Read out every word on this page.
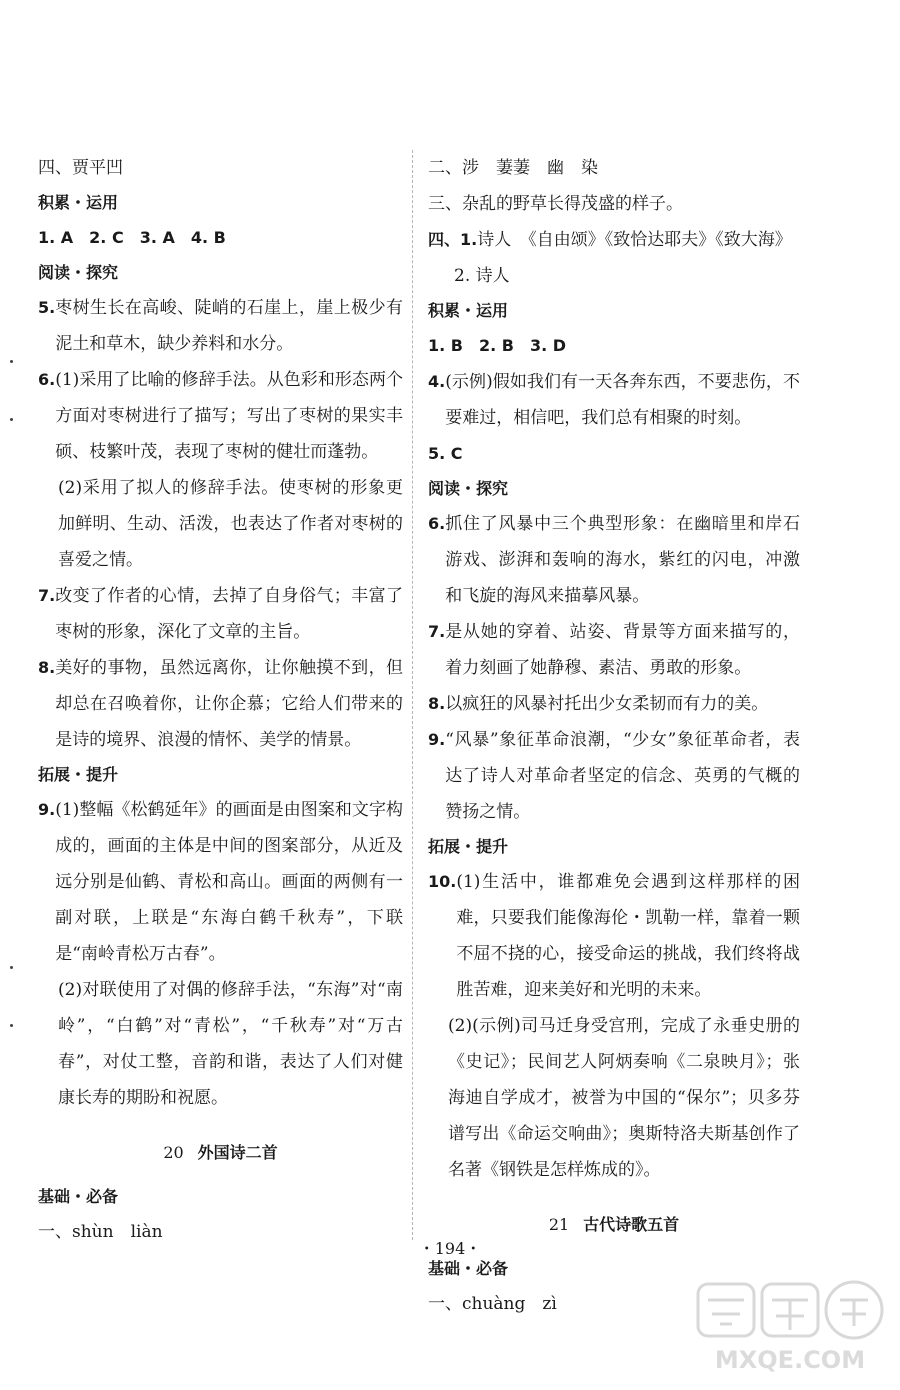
四、贾平凹
积累・运用
1. A　2. C　3. A　4. B
阅读・探究
5. 枣树生长在高峻、陡峭的石崖上，崖上极少有泥土和草木，缺少养料和水分。
6. (1)采用了比喻的修辞手法。从色彩和形态两个方面对枣树进行了描写；写出了枣树的果实丰硕、枝繁叶茂，表现了枣树的健壮而蓬勃。
(2)采用了拟人的修辞手法。使枣树的形象更加鲜明、生动、活泼，也表达了作者对枣树的喜爱之情。
7. 改变了作者的心情，去掉了自身俗气；丰富了枣树的形象，深化了文章的主旨。
8. 美好的事物，虽然远离你，让你触摸不到，但却总在召唤着你，让你企慕；它给人们带来的是诗的境界、浪漫的情怀、美学的情景。
拓展・提升
9. (1)整幅《松鹤延年》的画面是由图案和文字构成的，画面的主体是中间的图案部分，从近及远分别是仙鹤、青松和高山。画面的两侧有一副对联，上联是“东海白鹤千秋寿”，下联是“南岭青松万古春”。
(2)对联使用了对偶的修辞手法，“东海”对“南岭”，“白鹤”对“青松”，“千秋寿”对“万古春”，对仗工整，音韵和谐，表达了人们对健康长寿的期盼和祝愿。
20 外国诗二首
基础・必备
一、shùn　liàn
二、涉　萋萋　幽　染
三、杂乱的野草长得茂盛的样子。
四、1. 诗人　《自由颂》《致恰达耶夫》《致大海》
2. 诗人
积累・运用
1. B　2. B　3. D
4. (示例)假如我们有一天各奔东西，不要悲伤，不要难过，相信吧，我们总有相聚的时刻。
5. C
阅读・探究
6. 抓住了风暴中三个典型形象：在幽暗里和岸石游戏、澎湃和轰响的海水，紫红的闪电，冲激和飞旋的海风来描摹风暴。
7. 是从她的穿着、站姿、背景等方面来描写的，着力刻画了她静穆、素洁、勇敢的形象。
8. 以疯狂的风暴衬托出少女柔韧而有力的美。
9. “风暴”象征革命浪潮，“少女”象征革命者，表达了诗人对革命者坚定的信念、英勇的气概的赞扬之情。
拓展・提升
10. (1)生活中，谁都难免会遇到这样那样的困难，只要我们能像海伦・凯勒一样，靠着一颗不屈不挠的心，接受命运的挑战，我们终将战胜苦难，迎来美好和光明的未来。
(2)(示例)司马迁身受宫刑，完成了永垂史册的《史记》；民间艺人阿炳奏响《二泉映月》；张海迪自学成才，被誉为中国的“保尔”；贝多芬谱写出《命运交响曲》；奥斯特洛夫斯基创作了名著《钢铁是怎样炼成的》。
21 古代诗歌五首
基础・必备
一、chuàng　zì
・194・
MXQE.COM
